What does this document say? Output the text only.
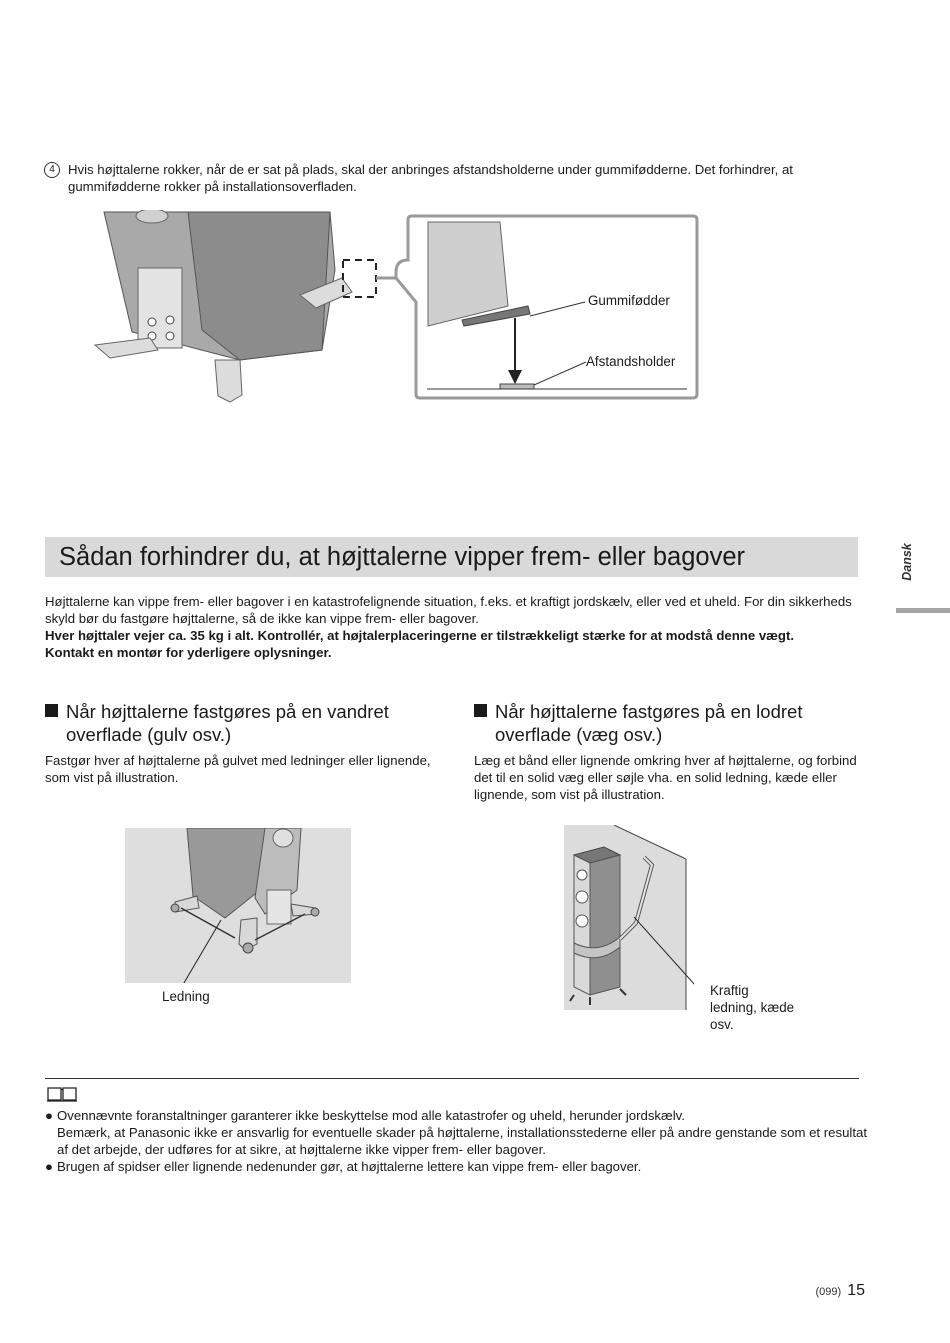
4	Hvis højttalerne rokker, når de er sat på plads, skal der anbringes afstandsholderne under gummifødderne. Det forhindrer, at gummifødderne rokker på installationsoverfladen.

Gummifødder
Afstandsholder
Sådan forhindrer du, at højttalerne vipper frem- eller bagover	Dansk

Højttalerne kan vippe frem- eller bagover i en katastrofelignende situation, f.eks. et kraftigt jordskælv, eller ved et uheld. For din sikkerheds skyld bør du fastgøre højttalerne, så de ikke kan vippe frem- eller bagover.

Hver højttaler vejer ca. 35 kg i alt. Kontrollér, at højtalerplaceringerne er tilstrækkeligt stærke for at modstå denne vægt.

Kontakt en montør for yderligere oplysninger.

Når højttalerne fastgøres på en vandret
overflade (gulv osv.)

Fastgør hver af højttalerne på gulvet med ledninger eller lignende, som vist på illustration.

Ledning
Når højttalerne fastgøres på en lodret
overflade (væg osv.)

Læg et bånd eller lignende omkring hver af højttalerne, og forbind det til en solid væg eller søjle vha. en solid ledning, kæde eller lignende, som vist på illustration.

Kraftig
ledning, kæde
osv.
● Ovennævnte foranstaltninger garanterer ikke beskyttelse mod alle katastrofer og uheld, herunder jordskælv.
Bemærk, at Panasonic ikke er ansvarlig for eventuelle skader på højttalerne, installationsstederne eller på andre genstande som et resultat af det arbejde, der udføres for at sikre, at højttalerne ikke vipper frem- eller bagover.
● Brugen af spidser eller lignende nedenunder gør, at højttalerne lettere kan vippe frem- eller bagover.
(099) 15
